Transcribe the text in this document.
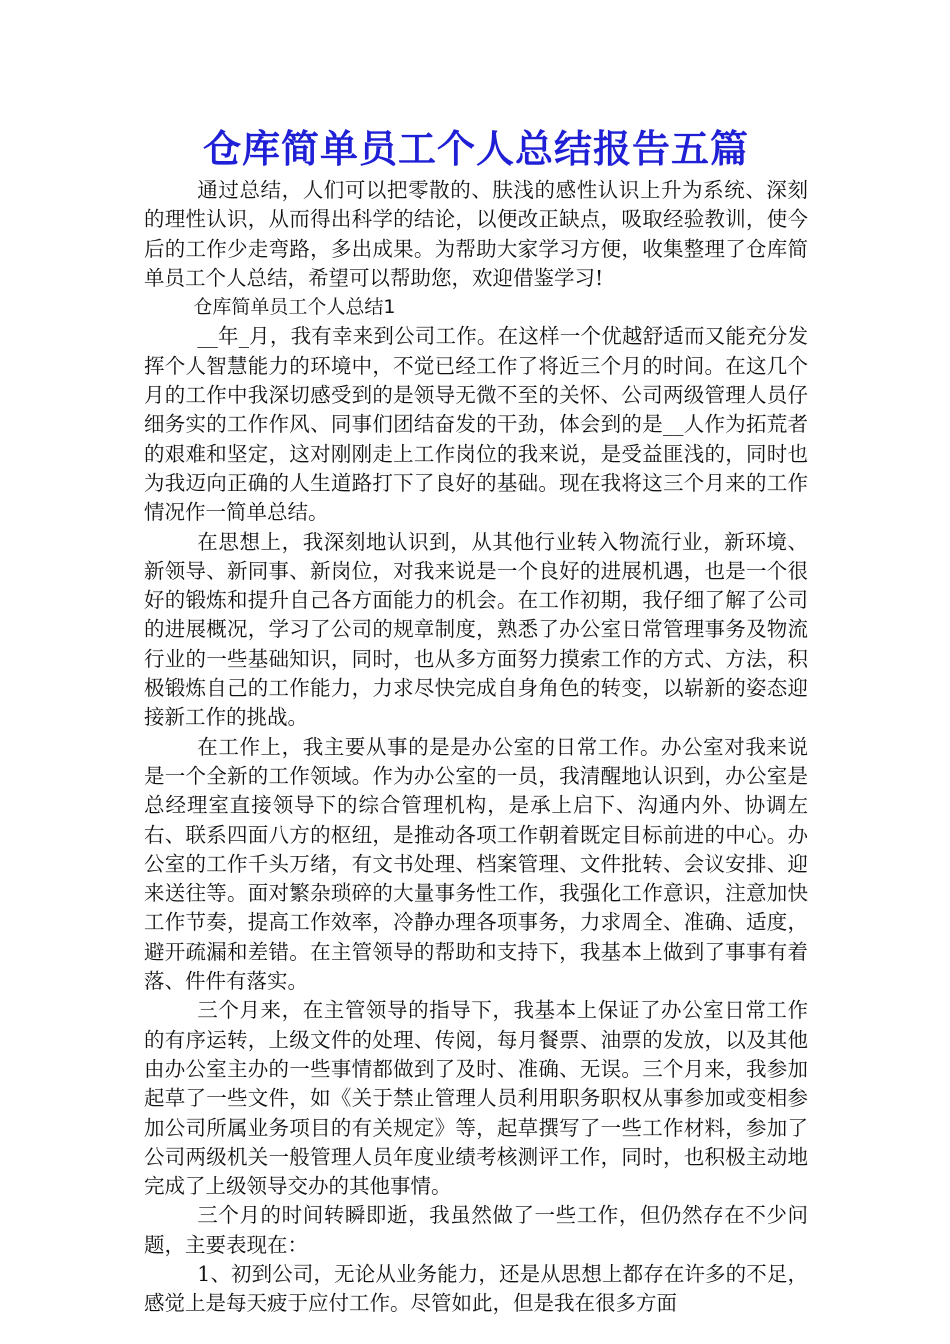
仓库简单员工个人总结报告五篇

通过总结，人们可以把零散的、肤浅的感性认识上升为系统、深刻的理性认识，从而得出科学的结论，以便改正缺点，吸取经验教训，使今后的工作少走弯路，多出成果。为帮助大家学习方便，收集整理了仓库简单员工个人总结，希望可以帮助您，欢迎借鉴学习!

仓库简单员工个人总结1

__年_月，我有幸来到公司工作。在这样一个优越舒适而又能充分发挥个人智慧能力的环境中，不觉已经工作了将近三个月的时间。在这几个月的工作中我深切感受到的是领导无微不至的关怀、公司两级管理人员仔细务实的工作作风、同事们团结奋发的干劲，体会到的是__人作为拓荒者的艰难和坚定，这对刚刚走上工作岗位的我来说，是受益匪浅的，同时也为我迈向正确的人生道路打下了良好的基础。现在我将这三个月来的工作情况作一简单总结。

在思想上，我深刻地认识到，从其他行业转入物流行业，新环境、新领导、新同事、新岗位，对我来说是一个良好的进展机遇，也是一个很好的锻炼和提升自己各方面能力的机会。在工作初期，我仔细了解了公司的进展概况，学习了公司的规章制度，熟悉了办公室日常管理事务及物流行业的一些基础知识，同时，也从多方面努力摸索工作的方式、方法，积极锻炼自己的工作能力，力求尽快完成自身角色的转变，以崭新的姿态迎接新工作的挑战。

在工作上，我主要从事的是是办公室的日常工作。办公室对我来说是一个全新的工作领域。作为办公室的一员，我清醒地认识到，办公室是总经理室直接领导下的综合管理机构，是承上启下、沟通内外、协调左右、联系四面八方的枢纽，是推动各项工作朝着既定目标前进的中心。办公室的工作千头万绪，有文书处理、档案管理、文件批转、会议安排、迎来送往等。面对繁杂琐碎的大量事务性工作，我强化工作意识，注意加快工作节奏，提高工作效率，冷静办理各项事务，力求周全、准确、适度，避开疏漏和差错。在主管领导的帮助和支持下，我基本上做到了事事有着落、件件有落实。

三个月来，在主管领导的指导下，我基本上保证了办公室日常工作的有序运转，上级文件的处理、传阅，每月餐票、油票的发放，以及其他由办公室主办的一些事情都做到了及时、准确、无误。三个月来，我参加起草了一些文件，如《关于禁止管理人员利用职务职权从事参加或变相参加公司所属业务项目的有关规定》等，起草撰写了一些工作材料，参加了公司两级机关一般管理人员年度业绩考核测评工作，同时，也积极主动地完成了上级领导交办的其他事情。

三个月的时间转瞬即逝，我虽然做了一些工作，但仍然存在不少问题，主要表现在：

1、初到公司，无论从业务能力，还是从思想上都存在许多的不足，感觉上是每天疲于应付工作。尽管如此，但是我在很多方面
